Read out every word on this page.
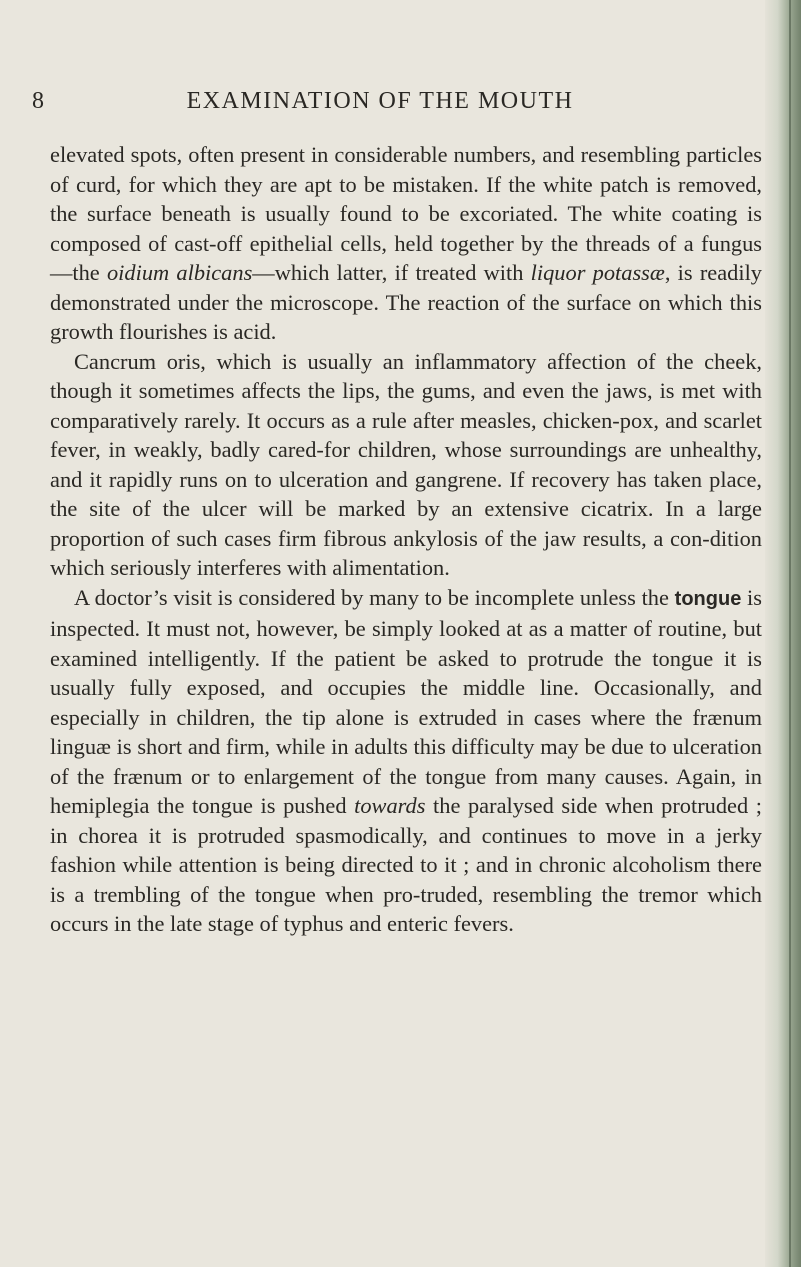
8	EXAMINATION OF THE MOUTH

elevated spots, often present in considerable numbers, and resembling particles of curd, for which they are apt to be mistaken. If the white patch is removed, the surface beneath is usually found to be excoriated. The white coating is composed of cast-off epithelial cells, held together by the threads of a fungus—the oidium albicans—which latter, if treated with liquor potassæ, is readily demonstrated under the microscope. The reaction of the surface on which this growth flourishes is acid.

Cancrum oris, which is usually an inflammatory affection of the cheek, though it sometimes affects the lips, the gums, and even the jaws, is met with comparatively rarely. It occurs as a rule after measles, chicken-pox, and scarlet fever, in weakly, badly cared-for children, whose surroundings are unhealthy, and it rapidly runs on to ulceration and gangrene. If recovery has taken place, the site of the ulcer will be marked by an extensive cicatrix. In a large proportion of such cases firm fibrous ankylosis of the jaw results, a con-dition which seriously interferes with alimentation.

A doctor’s visit is considered by many to be incomplete unless the tongue is inspected. It must not, however, be simply looked at as a matter of routine, but examined intelligently. If the patient be asked to protrude the tongue it is usually fully exposed, and occupies the middle line. Occasionally, and especially in children, the tip alone is extruded in cases where the frænum linguæ is short and firm, while in adults this difficulty may be due to ulceration of the frænum or to enlargement of the tongue from many causes. Again, in hemiplegia the tongue is pushed towards the paralysed side when protruded ; in chorea it is protruded spasmodically, and continues to move in a jerky fashion while attention is being directed to it ; and in chronic alcoholism there is a trembling of the tongue when pro-truded, resembling the tremor which occurs in the late stage of typhus and enteric fevers.
